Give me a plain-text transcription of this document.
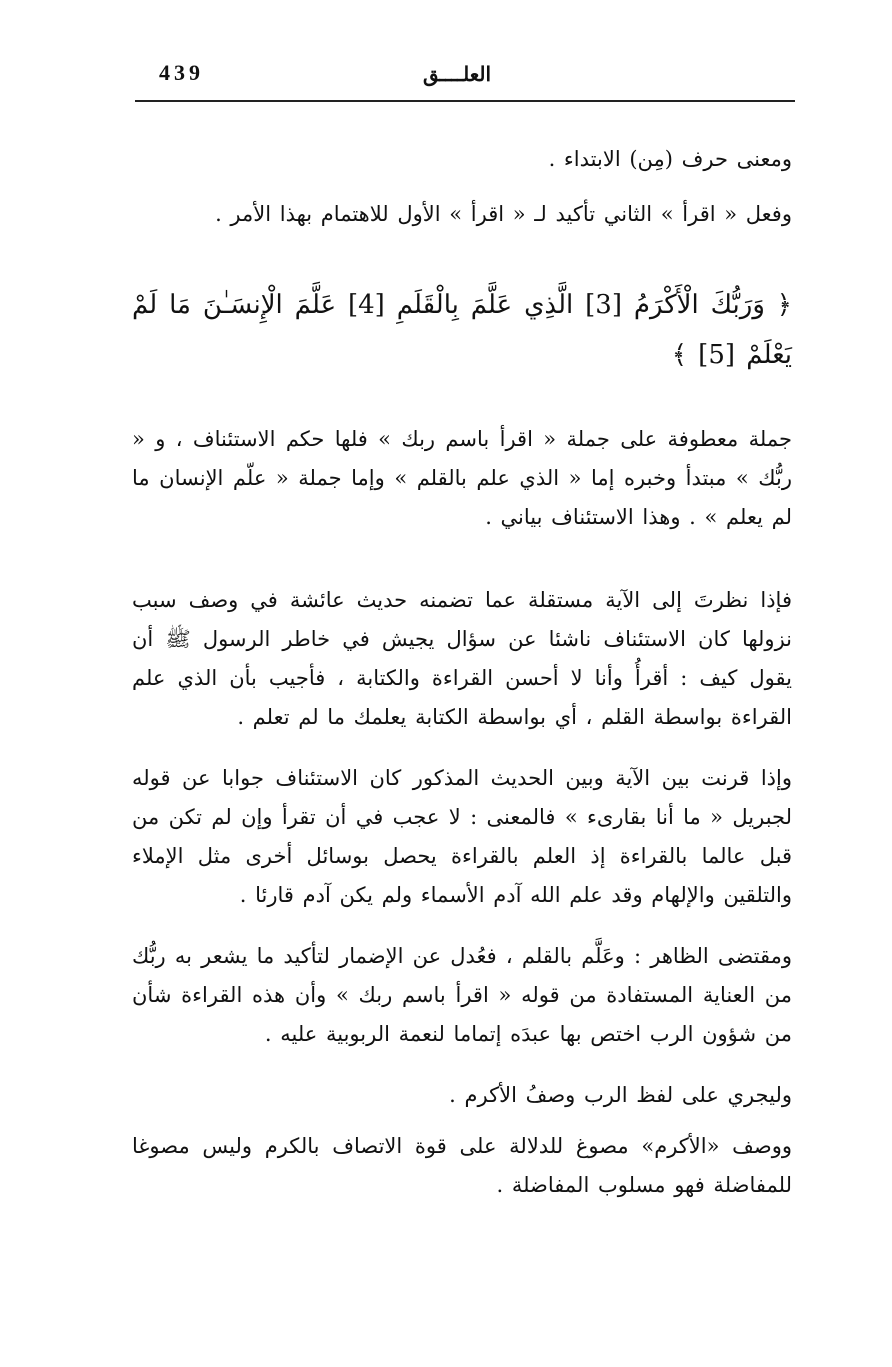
439	العلــــق

ومعنى حرف (مِن) الابتداء .

وفعل « اقرأ » الثاني تأكيد لـ « اقرأ » الأول للاهتمام بهذا الأمر .

﴿ وَرَبُّكَ الْأَكْرَمُ [3] الَّذِي عَلَّمَ بِالْقَلَمِ [4] عَلَّمَ الْإِنسَـٰنَ مَا لَمْ يَعْلَمْ [5] ﴾

جملة معطوفة على جملة « اقرأ باسم ربك » فلها حكم الاستئناف ، و « ربُّك » مبتدأ وخبره إما « الذي علم بالقلم » وإما جملة « علّم الإنسان ما لم يعلم » . وهذا الاستئناف بياني .

فإذا نظرتَ إلى الآية مستقلة عما تضمنه حديث عائشة في وصف سبب نزولها كان الاستئناف ناشئا عن سؤال يجيش في خاطر الرسول ﷺ أن يقول كيف : أقرأُ وأنا لا أحسن القراءة والكتابة ، فأجيب بأن الذي علم القراءة بواسطة القلم ، أي بواسطة الكتابة يعلمك ما لم تعلم .

وإذا قرنت بين الآية وبين الحديث المذكور كان الاستئناف جوابا عن قوله لجبريل « ما أنا بقارىء » فالمعنى : لا عجب في أن تقرأ وإن لم تكن من قبل عالما بالقراءة إذ العلم بالقراءة يحصل بوسائل أخرى مثل الإملاء والتلقين والإلهام وقد علم الله آدم الأسماء ولم يكن آدم قارئا .

ومقتضى الظاهر : وعَلَّم بالقلم ، فعُدل عن الإضمار لتأكيد ما يشعر به ربُّك من العناية المستفادة من قوله « اقرأ باسم ربك » وأن هذه القراءة شأن من شؤون الرب اختص بها عبدَه إتماما لنعمة الربوبية عليه .

وليجري على لفظ الرب وصفُ الأكرم .

ووصف «الأكرم» مصوغ للدلالة على قوة الاتصاف بالكرم وليس مصوغا للمفاضلة فهو مسلوب المفاضلة .
